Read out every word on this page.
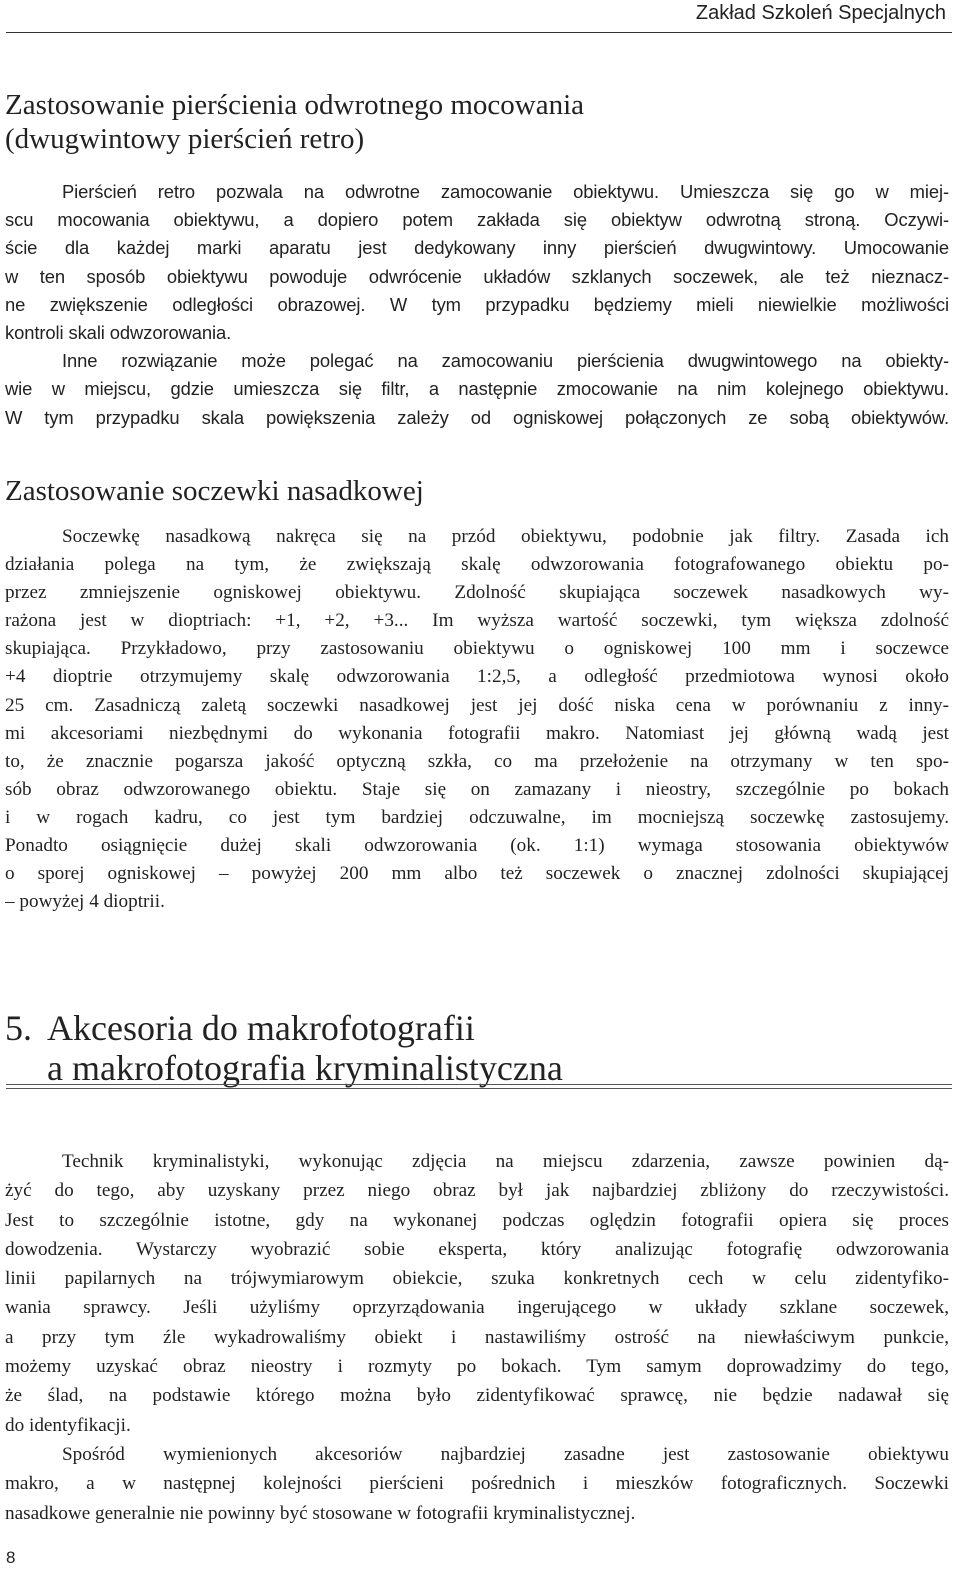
Zakład Szkoleń Specjalnych
Zastosowanie pierścienia odwrotnego mocowania
(dwugwintowy pierścień retro)
Pierścień retro pozwala na odwrotne zamocowanie obiektywu. Umieszcza się go w miej-
scu mocowania obiektywu, a dopiero potem zakłada się obiektyw odwrotną stroną. Oczywi-
ście dla każdej marki aparatu jest dedykowany inny pierścień dwugwintowy. Umocowanie
w ten sposób obiektywu powoduje odwrócenie układów szklanych soczewek, ale też nieznacz-
ne zwiększenie odległości obrazowej. W tym przypadku będziemy mieli niewielkie możliwości
kontroli skali odwzorowania.
Inne rozwiązanie może polegać na zamocowaniu pierścienia dwugwintowego na obiekty-
wie w miejscu, gdzie umieszcza się filtr, a następnie zmocowanie na nim kolejnego obiektywu.
W tym przypadku skala powiększenia zależy od ogniskowej połączonych ze sobą obiektywów.
Zastosowanie soczewki nasadkowej
Soczewkę nasadkową nakręca się na przód obiektywu, podobnie jak filtry. Zasada ich
działania polega na tym, że zwiększają skalę odwzorowania fotografowanego obiektu po-
przez zmniejszenie ogniskowej obiektywu. Zdolność skupiająca soczewek nasadkowych wy-
rażona jest w dioptriach: +1, +2, +3... Im wyższa wartość soczewki, tym większa zdolność
skupiająca. Przykładowo, przy zastosowaniu obiektywu o ogniskowej 100 mm i soczewce
+4 dioptrie otrzymujemy skalę odwzorowania 1:2,5, a odległość przedmiotowa wynosi około
25 cm. Zasadniczą zaletą soczewki nasadkowej jest jej dość niska cena w porównaniu z inny-
mi akcesoriami niezbędnymi do wykonania fotografii makro. Natomiast jej główną wadą jest
to, że znacznie pogarsza jakość optyczną szkła, co ma przełożenie na otrzymany w ten spo-
sób obraz odwzorowanego obiektu. Staje się on zamazany i nieostry, szczególnie po bokach
i w rogach kadru, co jest tym bardziej odczuwalne, im mocniejszą soczewkę zastosujemy.
Ponadto osiągnięcie dużej skali odwzorowania (ok. 1:1) wymaga stosowania obiektywów
o sporej ogniskowej – powyżej 200 mm albo też soczewek o znacznej zdolności skupiającej
– powyżej 4 dioptrii.
5. Akcesoria do makrofotografii
a makrofotografia kryminalistyczna
Technik kryminalistyki, wykonując zdjęcia na miejscu zdarzenia, zawsze powinien dą-
żyć do tego, aby uzyskany przez niego obraz był jak najbardziej zbliżony do rzeczywistości.
Jest to szczególnie istotne, gdy na wykonanej podczas oględzin fotografii opiera się proces
dowodzenia. Wystarczy wyobrazić sobie eksperta, który analizując fotografię odwzorowania
linii papilarnych na trójwymiarowym obiekcie, szuka konkretnych cech w celu zidentyfiko-
wania sprawcy. Jeśli użyliśmy oprzyrządowania ingerującego w układy szklane soczewek,
a przy tym źle wykadrowaliśmy obiekt i nastawiliśmy ostrość na niewłaściwym punkcie,
możemy uzyskać obraz nieostry i rozmyty po bokach. Tym samym doprowadzimy do tego,
że ślad, na podstawie którego można było zidentyfikować sprawcę, nie będzie nadawał się
do identyfikacji.
Spośród wymienionych akcesoriów najbardziej zasadne jest zastosowanie obiektywu
makro, a w następnej kolejności pierścieni pośrednich i mieszków fotograficznych. Soczewki
nasadkowe generalnie nie powinny być stosowane w fotografii kryminalistycznej.
8
